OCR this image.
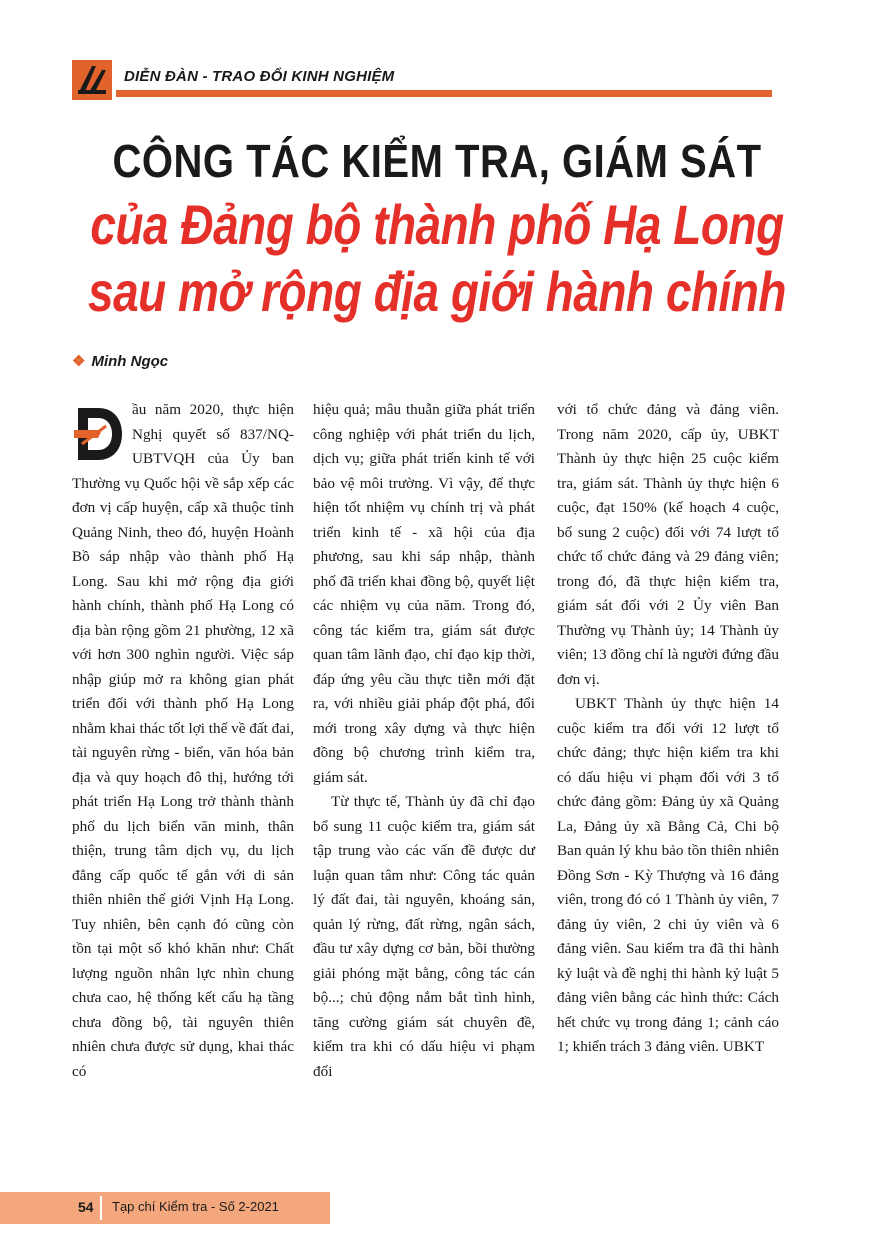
DIỄN ĐÀN - TRAO ĐỔI KINH NGHIỆM
CÔNG TÁC KIỂM TRA, GIÁM SÁT
của Đảng bộ thành phố Hạ Long
sau mở rộng địa giới hành chính
❖ Minh Ngọc

ầu năm 2020, thực hiện Nghị quyết số 837/NQ-UBTVQH của Ủy ban Thường vụ Quốc hội về sắp xếp các đơn vị cấp huyện, cấp xã thuộc tỉnh Quảng Ninh, theo đó, huyện Hoành Bồ sáp nhập vào thành phố Hạ Long. Sau khi mở rộng địa giới hành chính, thành phố Hạ Long có địa bàn rộng gồm 21 phường, 12 xã với hơn 300 nghìn người. Việc sáp nhập giúp mở ra không gian phát triển đối với thành phố Hạ Long nhằm khai thác tốt lợi thế về đất đai, tài nguyên rừng - biển, văn hóa bản địa và quy hoạch đô thị, hướng tới phát triển Hạ Long trở thành thành phố du lịch biển văn minh, thân thiện, trung tâm dịch vụ, du lịch đẳng cấp quốc tế gắn với di sản thiên nhiên thế giới Vịnh Hạ Long. Tuy nhiên, bên cạnh đó cũng còn tồn tại một số khó khăn như: Chất lượng nguồn nhân lực nhìn chung chưa cao, hệ thống kết cấu hạ tầng chưa đồng bộ, tài nguyên thiên nhiên chưa được sử dụng, khai thác có

hiệu quả; mâu thuẫn giữa phát triển công nghiệp với phát triển du lịch, dịch vụ; giữa phát triển kinh tế với bảo vệ môi trường. Vì vậy, để thực hiện tốt nhiệm vụ chính trị và phát triển kinh tế - xã hội của địa phương, sau khi sáp nhập, thành phố đã triển khai đồng bộ, quyết liệt các nhiệm vụ của năm. Trong đó, công tác kiểm tra, giám sát được quan tâm lãnh đạo, chỉ đạo kịp thời, đáp ứng yêu cầu thực tiễn mới đặt ra, với nhiều giải pháp đột phá, đổi mới trong xây dựng và thực hiện đồng bộ chương trình kiểm tra, giám sát.

Từ thực tế, Thành ủy đã chỉ đạo bổ sung 11 cuộc kiểm tra, giám sát tập trung vào các vấn đề được dư luận quan tâm như: Công tác quản lý đất đai, tài nguyên, khoáng sản, quản lý rừng, đất rừng, ngân sách, đầu tư xây dựng cơ bản, bồi thường giải phóng mặt bằng, công tác cán bộ...; chủ động nắm bắt tình hình, tăng cường giám sát chuyên đề, kiểm tra khi có dấu hiệu vi phạm đối

với tổ chức đảng và đảng viên. Trong năm 2020, cấp ủy, UBKT Thành ủy thực hiện 25 cuộc kiểm tra, giám sát. Thành ủy thực hiện 6 cuộc, đạt 150% (kế hoạch 4 cuộc, bổ sung 2 cuộc) đối với 74 lượt tổ chức tổ chức đảng và 29 đảng viên; trong đó, đã thực hiện kiểm tra, giám sát đối với 2 Ủy viên Ban Thường vụ Thành ủy; 14 Thành ủy viên; 13 đồng chí là người đứng đầu đơn vị.

UBKT Thành ủy thực hiện 14 cuộc kiểm tra đối với 12 lượt tổ chức đảng; thực hiện kiểm tra khi có dấu hiệu vi phạm đối với 3 tổ chức đảng gồm: Đảng ủy xã Quảng La, Đảng ủy xã Bằng Cả, Chi bộ Ban quản lý khu bảo tồn thiên nhiên Đồng Sơn - Kỳ Thượng và 16 đảng viên, trong đó có 1 Thành ủy viên, 7 đảng ủy viên, 2 chi ủy viên và 6 đảng viên. Sau kiểm tra đã thi hành kỷ luật và đề nghị thi hành kỷ luật 5 đảng viên bằng các hình thức: Cách hết chức vụ trong đảng 1; cảnh cáo 1; khiển trách 3 đảng viên. UBKT

54 Tạp chí Kiểm tra - Số 2-2021
